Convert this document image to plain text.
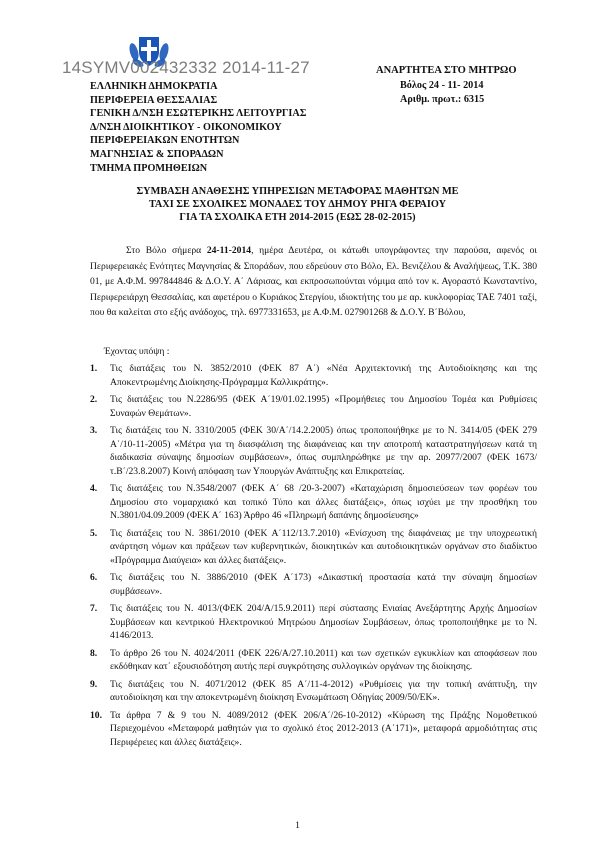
14SYMV002432332 2014-11-27
ΕΛΛΗΝΙΚΗ ΔΗΜΟΚΡΑΤΙΑ
ΠΕΡΙΦΕΡΕΙΑ ΘΕΣΣΑΛΙΑΣ
ΓΕΝΙΚΗ Δ/ΝΣΗ ΕΣΩΤΕΡΙΚΗΣ ΛΕΙΤΟΥΡΓΙΑΣ
Δ/ΝΣΗ ΔΙΟΙΚΗΤΙΚΟΥ - ΟΙΚΟΝΟΜΙΚΟΥ
ΠΕΡΙΦΕΡΕΙΑΚΩΝ ΕΝΟΤΗΤΩΝ
ΜΑΓΝΗΣΙΑΣ & ΣΠΟΡΑΔΩΝ
ΤΜΗΜΑ ΠΡΟΜΗΘΕΙΩΝ
ΑΝΑΡΤΗΤΕΑ ΣΤΟ ΜΗΤΡΩΟ
Βόλος 24 - 11- 2014
Αριθμ. πρωτ.: 6315
ΣΥΜΒΑΣΗ ΑΝΑΘΕΣΗΣ ΥΠΗΡΕΣΙΩΝ ΜΕΤΑΦΟΡΑΣ ΜΑΘΗΤΩΝ ΜΕ
ΤΑΧΙ ΣΕ ΣΧΟΛΙΚΕΣ ΜΟΝΑΔΕΣ ΤΟΥ ΔΗΜΟΥ ΡΗΓΑ ΦΕΡΑΙΟΥ
ΓΙΑ ΤΑ ΣΧΟΛΙΚΑ ΕΤΗ 2014-2015 (ΕΩΣ 28-02-2015)

Στο Βόλο σήμερα 24-11-2014, ημέρα Δευτέρα, οι κάτωθι υπογράφοντες την παρούσα, αφενός οι Περιφερειακές Ενότητες Μαγνησίας & Σποράδων, που εδρεύουν στο Βόλο, Ελ. Βενιζέλου & Αναλήψεως, Τ.Κ. 380 01, με Α.Φ.Μ. 997844846 & Δ.Ο.Υ. Α΄ Λάρισας, και εκπροσωπούνται νόμιμα από τον κ. Αγοραστό Κωνσταντίνο, Περιφερειάρχη Θεσσαλίας, και αφετέρου ο Κυριάκος Στεργίου, ιδιοκτήτης του με αρ. κυκλοφορίας ΤΑΕ 7401 ταξί, που θα καλείται στο εξής ανάδοχος, τηλ. 6977331653, με Α.Φ.Μ. 027901268 & Δ.Ο.Υ. Β΄Βόλου,

Έχοντας υπόψη :
1.	Τις διατάξεις του Ν. 3852/2010 (ΦΕΚ 87 Α΄) «Νέα Αρχιτεκτονική της Αυτοδιοίκησης και της Αποκεντρωμένης Διοίκησης-Πρόγραμμα Καλλικράτης».
2.	Τις διατάξεις του Ν.2286/95 (ΦΕΚ Α΄19/01.02.1995) «Προμήθειες του Δημοσίου Τομέα και Ρυθμίσεις Συναφών Θεμάτων».
3.	Τις διατάξεις του Ν. 3310/2005 (ΦΕΚ 30/Α΄/14.2.2005) όπως τροποποιήθηκε με το Ν. 3414/05 (ΦΕΚ 279 Α΄/10-11-2005) «Μέτρα για τη διασφάλιση της διαφάνειας και την αποτροπή καταστρατηγήσεων κατά τη διαδικασία σύναψης δημοσίων συμβάσεων», όπως συμπληρώθηκε με την αρ. 20977/2007 (ΦΕΚ 1673/τ.Β΄/23.8.2007) Κοινή απόφαση των Υπουργών Ανάπτυξης και Επικρατείας.
4.	Τις διατάξεις του Ν.3548/2007 (ΦΕΚ Α΄ 68 /20-3-2007) «Καταχώριση δημοσιεύσεων των φορέων του Δημοσίου στο νομαρχιακό και τοπικό Τύπο και άλλες διατάξεις», όπως ισχύει με την προσθήκη του Ν.3801/04.09.2009 (ΦΕΚ Α΄ 163) Άρθρο 46 «Πληρωμή δαπάνης δημοσίευσης»
5.	Τις διατάξεις του Ν. 3861/2010 (ΦΕΚ Α΄112/13.7.2010) «Ενίσχυση της διαφάνειας με την υποχρεωτική ανάρτηση νόμων και πράξεων των κυβερνητικών, διοικητικών και αυτοδιοικητικών οργάνων στο διαδίκτυο «Πρόγραμμα Διαύγεια» και άλλες διατάξεις».
6.	Τις διατάξεις του Ν. 3886/2010 (ΦΕΚ Α΄173) «Δικαστική προστασία κατά την σύναψη δημοσίων συμβάσεων».
7.	Τις διατάξεις του Ν. 4013/(ΦΕΚ 204/Α/15.9.2011) περί σύστασης Ενιαίας Ανεξάρτητης Αρχής Δημοσίων Συμβάσεων και κεντρικού Ηλεκτρονικού Μητρώου Δημοσίων Συμβάσεων, όπως τροποποιήθηκε με το Ν. 4146/2013.
8.	Το άρθρο 26 του Ν. 4024/2011 (ΦΕΚ 226/Α/27.10.2011) και των σχετικών εγκυκλίων και αποφάσεων που εκδόθηκαν κατ΄ εξουσιοδότηση αυτής περί συγκρότησης συλλογικών οργάνων της διοίκησης.
9.	Τις διατάξεις του Ν. 4071/2012 (ΦΕΚ 85 Α΄/11-4-2012) «Ρυθμίσεις για την τοπική ανάπτυξη, την αυτοδιοίκηση και την αποκεντρωμένη διοίκηση Ενσωμάτωση Οδηγίας 2009/50/ΕΚ».
10. Τα άρθρα 7 & 9 του Ν. 4089/2012 (ΦΕΚ 206/Α΄/26-10-2012) «Κύρωση της Πράξης Νομοθετικού Περιεχομένου «Μεταφορά μαθητών για το σχολικό έτος 2012-2013 (Α΄171)», μεταφορά αρμοδιότητας στις Περιφέρειες και άλλες διατάξεις».
1
